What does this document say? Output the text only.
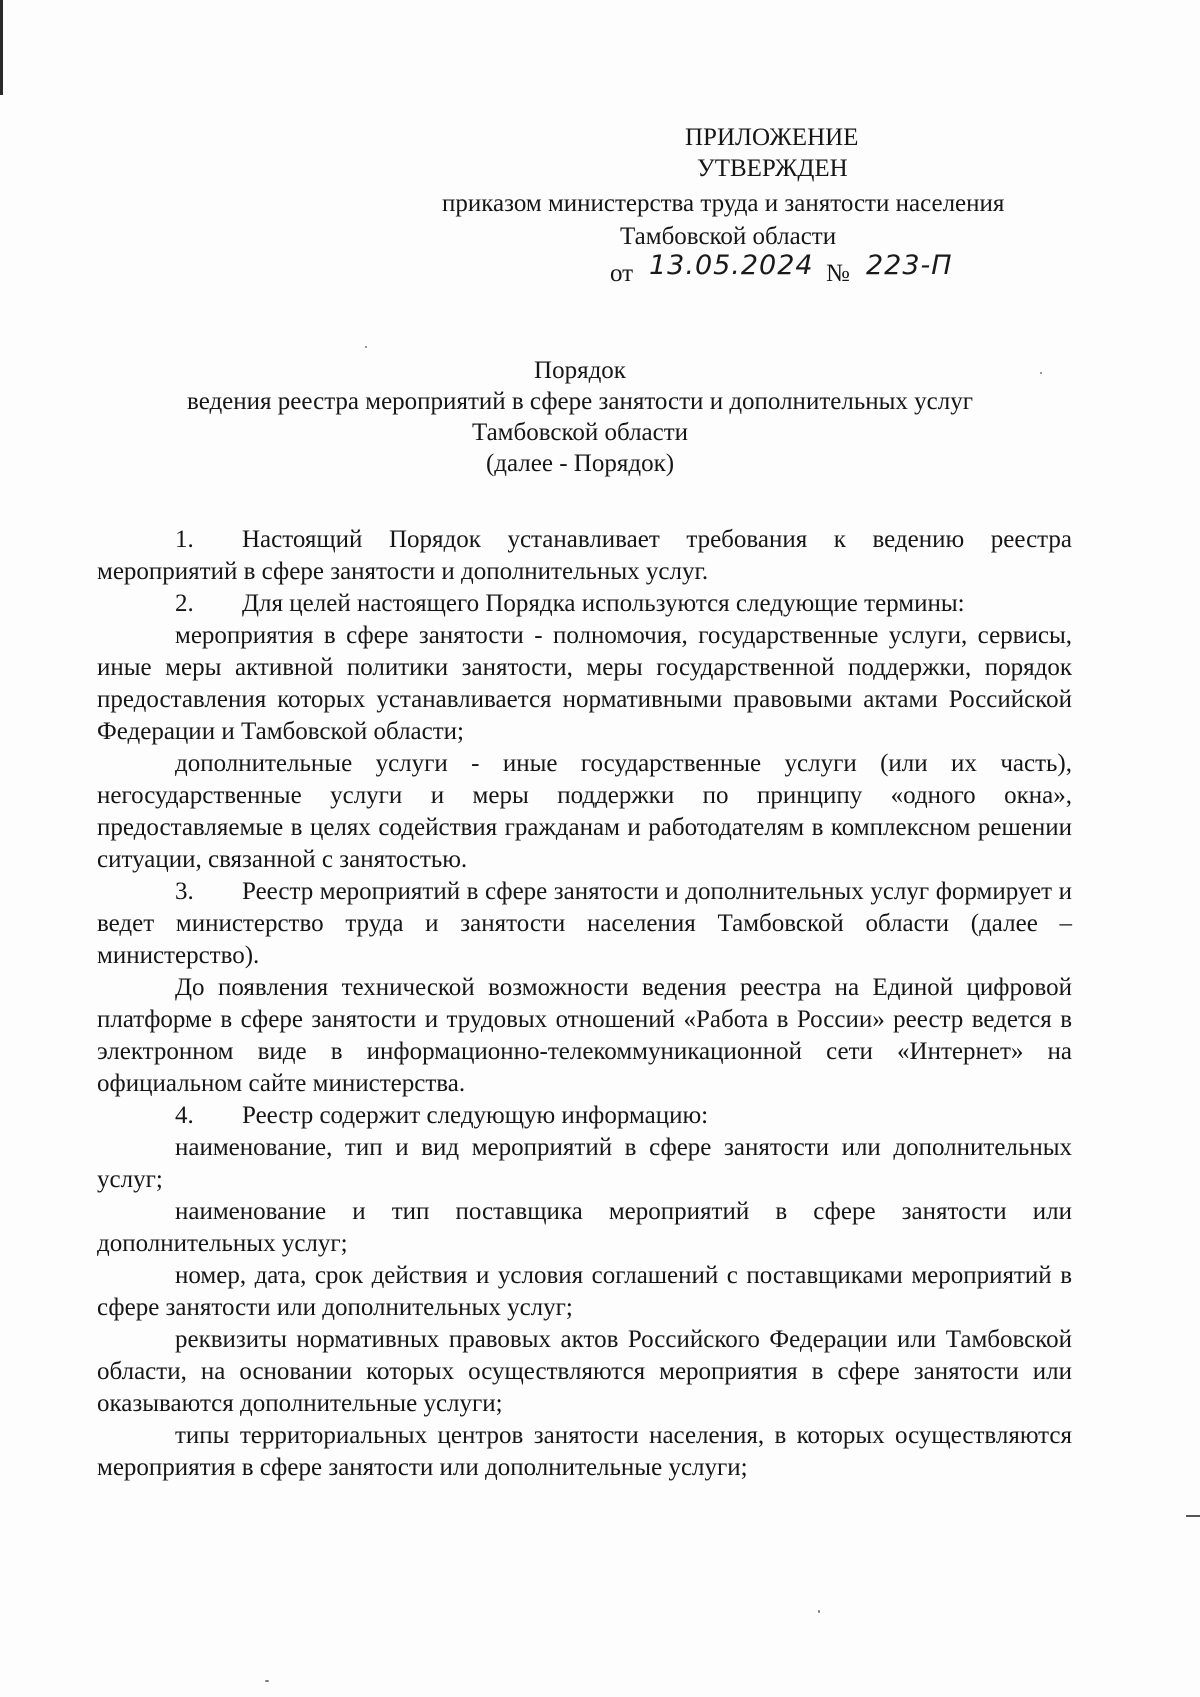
ПРИЛОЖЕНИЕ
УТВЕРЖДЕН
приказом министерства труда и занятости населения
Тамбовской области
от 13.05.2024 № 223-П
Порядок
ведения реестра мероприятий в сфере занятости и дополнительных услуг
Тамбовской области
(далее - Порядок)

1. Настоящий Порядок устанавливает требования к ведению реестра мероприятий в сфере занятости и дополнительных услуг.

2. Для целей настоящего Порядка используются следующие термины:

мероприятия в сфере занятости - полномочия, государственные услуги, сервисы, иные меры активной политики занятости, меры государственной поддержки, порядок предоставления которых устанавливается нормативными правовыми актами Российской Федерации и Тамбовской области;

дополнительные услуги - иные государственные услуги (или их часть), негосударственные услуги и меры поддержки по принципу «одного окна», предоставляемые в целях содействия гражданам и работодателям в комплексном решении ситуации, связанной с занятостью.

3. Реестр мероприятий в сфере занятости и дополнительных услуг формирует и ведет министерство труда и занятости населения Тамбовской области (далее – министерство).

До появления технической возможности ведения реестра на Единой цифровой платформе в сфере занятости и трудовых отношений «Работа в России» реестр ведется в электронном виде в информационно-телекоммуникационной сети «Интернет» на официальном сайте министерства.

4. Реестр содержит следующую информацию:

наименование, тип и вид мероприятий в сфере занятости или дополнительных услуг;

наименование и тип поставщика мероприятий в сфере занятости или дополнительных услуг;

номер, дата, срок действия и условия соглашений с поставщиками мероприятий в сфере занятости или дополнительных услуг;

реквизиты нормативных правовых актов Российского Федерации или Тамбовской области, на основании которых осуществляются мероприятия в сфере занятости или оказываются дополнительные услуги;

типы территориальных центров занятости населения, в которых осуществляются мероприятия в сфере занятости или дополнительные услуги;
